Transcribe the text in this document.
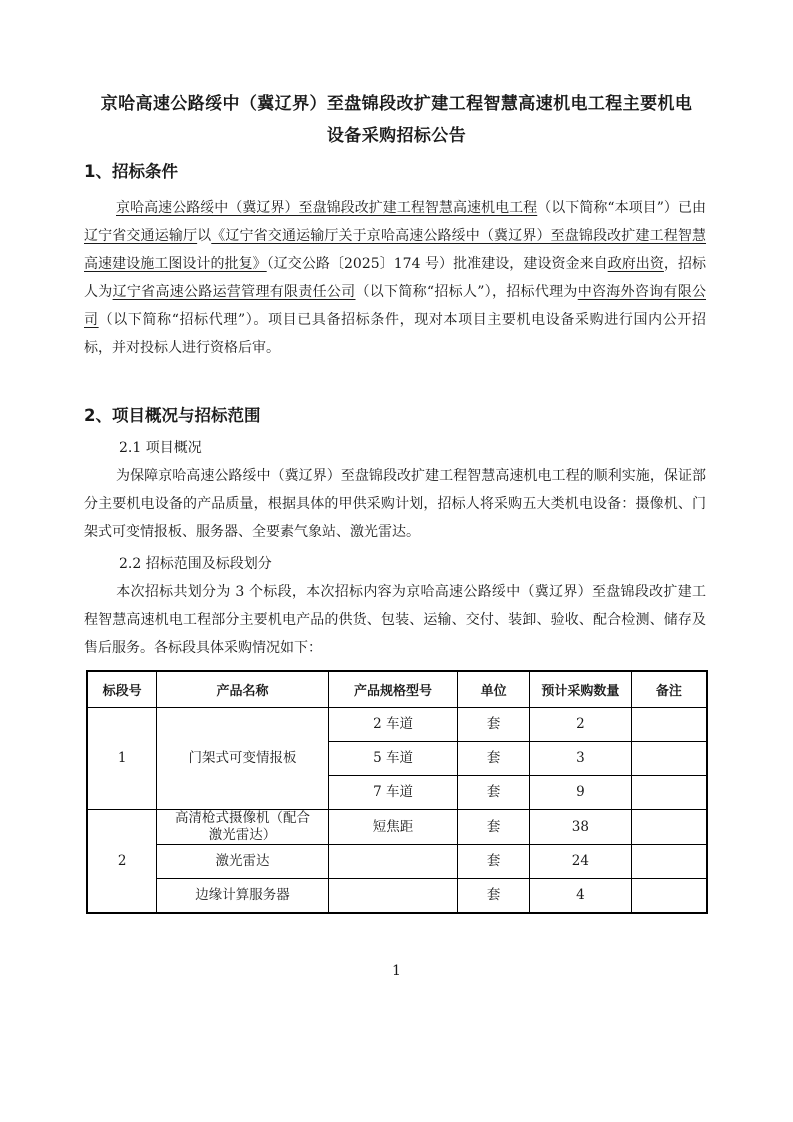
京哈高速公路绥中（冀辽界）至盘锦段改扩建工程智慧高速机电工程主要机电
设备采购招标公告
1、招标条件
京哈高速公路绥中（冀辽界）至盘锦段改扩建工程智慧高速机电工程（以下简称“本项目”）已由辽宁省交通运输厅以《辽宁省交通运输厅关于京哈高速公路绥中（冀辽界）至盘锦段改扩建工程智慧高速建设施工图设计的批复》（辽交公路〔2025〕174 号）批准建设，建设资金来自政府出资，招标人为辽宁省高速公路运营管理有限责任公司（以下简称“招标人”），招标代理为中咨海外咨询有限公司（以下简称“招标代理”）。项目已具备招标条件，现对本项目主要机电设备采购进行国内公开招标，并对投标人进行资格后审。
2、项目概况与招标范围
2.1 项目概况
为保障京哈高速公路绥中（冀辽界）至盘锦段改扩建工程智慧高速机电工程的顺利实施，保证部分主要机电设备的产品质量，根据具体的甲供采购计划，招标人将采购五大类机电设备：摄像机、门架式可变情报板、服务器、全要素气象站、激光雷达。
2.2 招标范围及标段划分
本次招标共划分为 3 个标段，本次招标内容为京哈高速公路绥中（冀辽界）至盘锦段改扩建工程智慧高速机电工程部分主要机电产品的供货、包装、运输、交付、装卸、验收、配合检测、储存及售后服务。各标段具体采购情况如下：
标段号	产品名称	产品规格型号	单位	预计采购数量	备注
1	门架式可变情报板	2 车道	套	2	
		5 车道	套	3	
		7 车道	套	9	
2	高清枪式摄像机（配合激光雷达）	短焦距	套	38	
	激光雷达		套	24	
	边缘计算服务器		套	4	
1
